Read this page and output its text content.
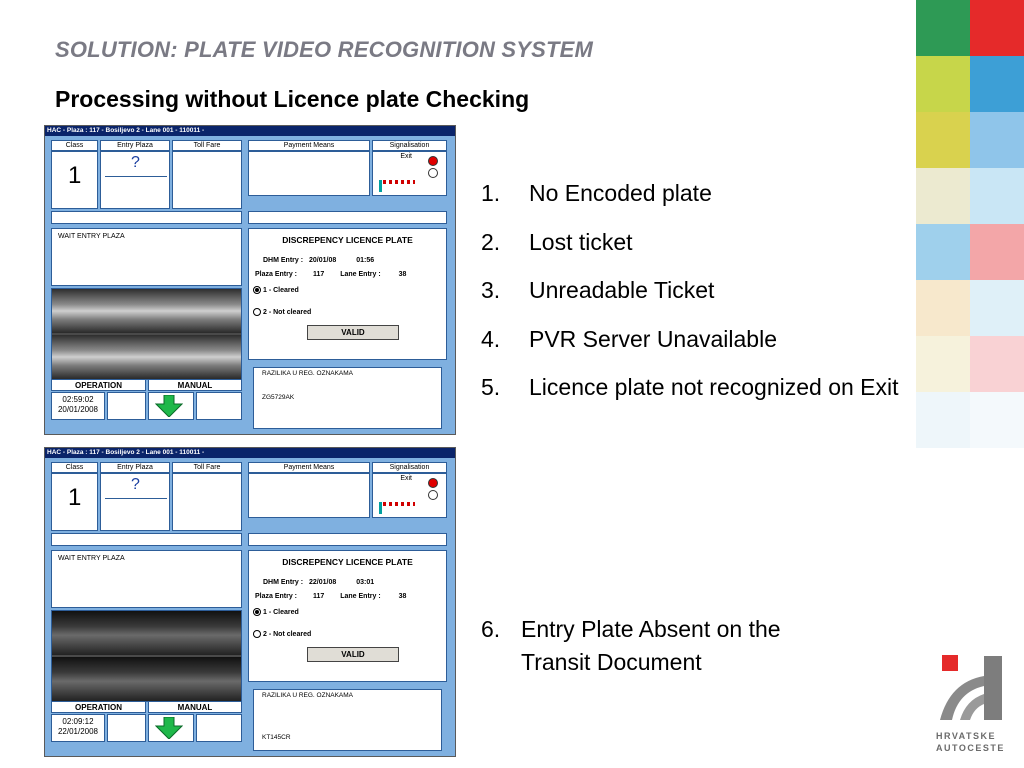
SOLUTION: PLATE VIDEO RECOGNITION SYSTEM
Processing without Licence plate Checking
1. No Encoded plate
2. Lost ticket
3. Unreadable Ticket
4. PVR Server Unavailable
5. Licence plate not recognized on Exit
6. Entry Plate Absent on the
Transit Document
HRVATSKE
AUTOCESTE
HAC - Plaza : 117 - Bosiljevo 2 - Lane 001 - 110011 -
Class	Entry Plaza	Toll Fare	Payment Means	Signalisation
1	?	Exit
WAIT ENTRY PLAZA	DISCREPENCY LICENCE PLATE
DHM Entry : 20/01/08	01:56
Plaza Entry : 117 Lane Entry :	38
1 - Cleared
2 - Not cleared
VALID
RAZILIKA U REG. OZNAKAMA
ZG5729AK
OPERATION	MANUAL
02:59:02
20/01/2008
HAC - Plaza : 117 - Bosiljevo 2 - Lane 001 - 110011 -
Class	Entry Plaza	Toll Fare	Payment Means	Signalisation
1	?	Exit
WAIT ENTRY PLAZA	DISCREPENCY LICENCE PLATE
DHM Entry : 22/01/08	03:01
Plaza Entry : 117 Lane Entry :	38
1 - Cleared
2 - Not cleared
VALID
RAZILIKA U REG. OZNAKAMA
KT145CR
OPERATION	MANUAL
02:09:12
22/01/2008
